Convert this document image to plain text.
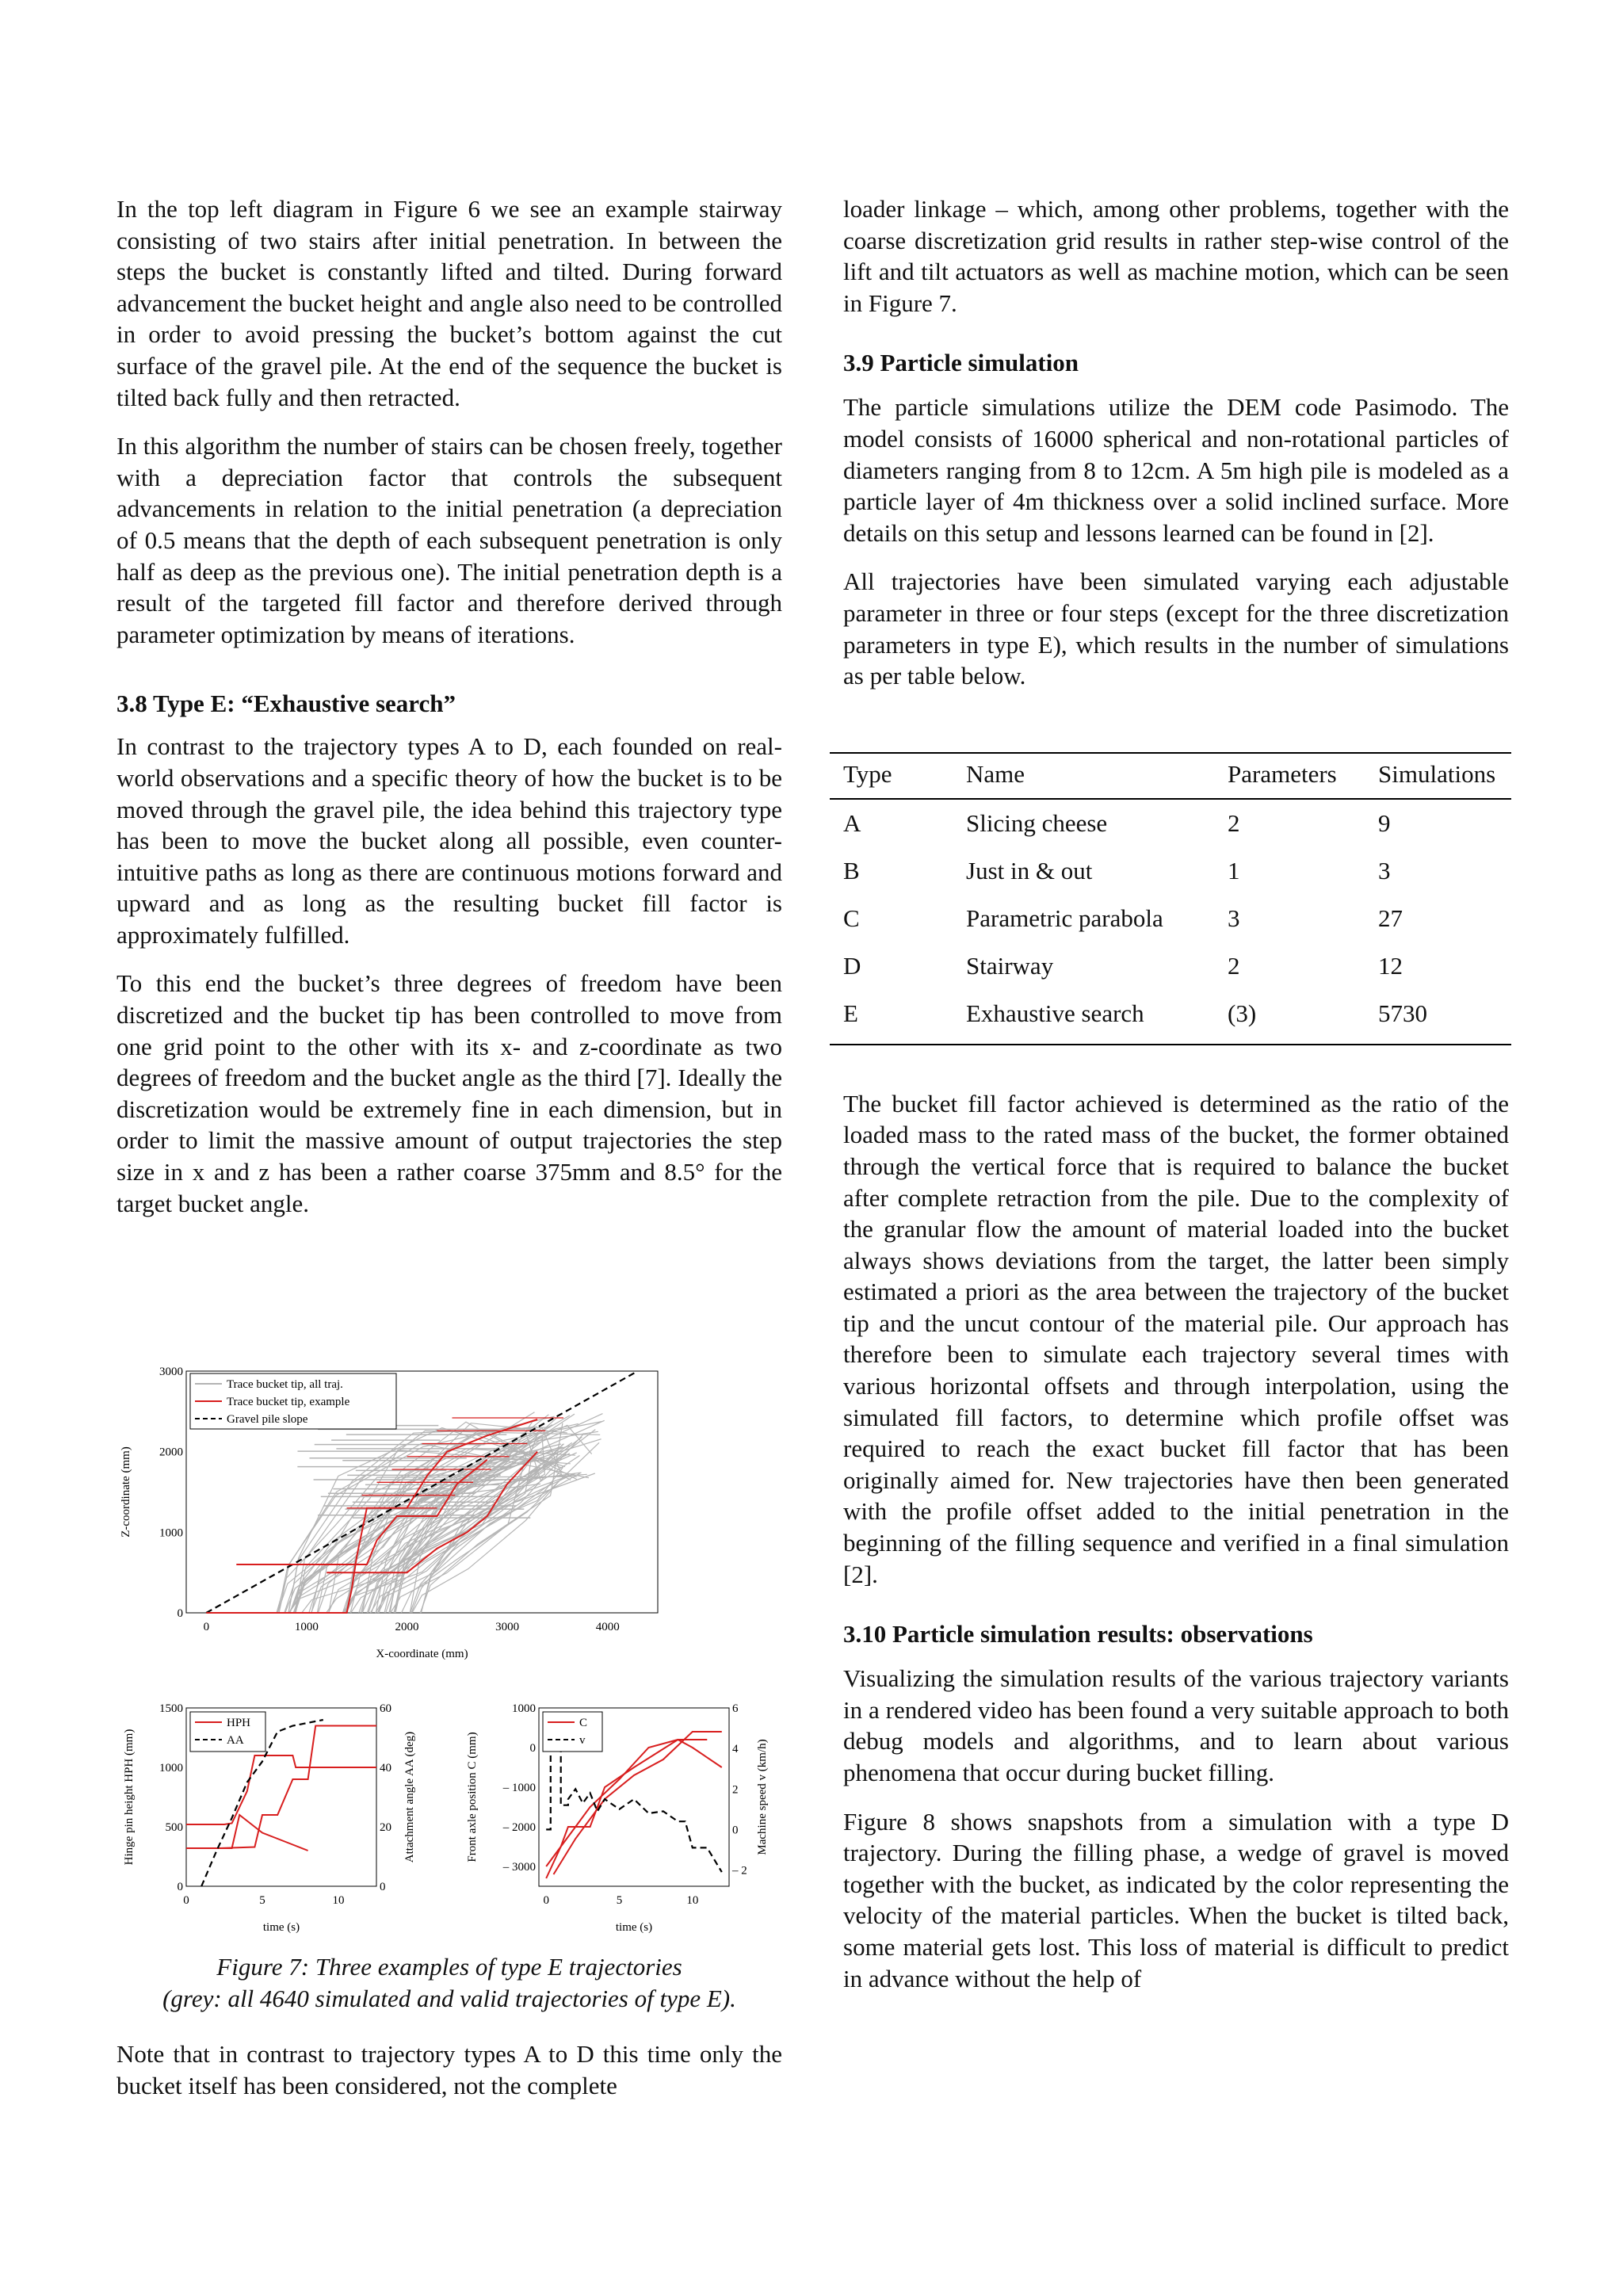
In the top left diagram in Figure 6 we see an example stairway consisting of two stairs after initial penetration. In between the steps the bucket is constantly lifted and tilted. During forward advancement the bucket height and angle also need to be controlled in order to avoid pressing the bucket’s bottom against the cut surface of the gravel pile. At the end of the sequence the bucket is tilted back fully and then retracted.

In this algorithm the number of stairs can be chosen freely, together with a depreciation factor that controls the subsequent advancements in relation to the initial penetration (a depreciation of 0.5 means that the depth of each subsequent penetration is only half as deep as the previous one). The initial penetration depth is a result of the targeted fill factor and therefore derived through parameter optimization by means of iterations.

3.8 Type E: “Exhaustive search”

In contrast to the trajectory types A to D, each founded on real-world observations and a specific theory of how the bucket is to be moved through the gravel pile, the idea behind this trajectory type has been to move the bucket along all possible, even counter-intuitive paths as long as there are continuous motions forward and upward and as long as the resulting bucket fill factor is approximately fulfilled.

To this end the bucket’s three degrees of freedom have been discretized and the bucket tip has been controlled to move from one grid point to the other with its x- and z-coordinate as two degrees of freedom and the bucket angle as the third [7]. Ideally the discretization would be extremely fine in each dimension, but in order to limit the massive amount of output trajectories the step size in x and z has been a rather coarse 375mm and 8.5° for the target bucket angle.

0	1000	2000	3000	4000
0
1000
2000
3000
X-coordinate (mm)
Z-coordinate (mm)
Trace bucket tip, all traj.
Trace bucket tip, example
Gravel pile slope
0	5	10
0
500
1000
1500
0
20
40
60
time (s)
Hinge pin height HPH (mm)	Attachment angle AA (deg)
HPH
AA
0	5	10
1000
0
– 1000
– 2000
– 3000
6
4
2
0
– 2
time (s)
Front axle position C (mm)	Machine speed v (km/h)
C
v
Figure 7: Three examples of type E trajectories
(grey: all 4640 simulated and valid trajectories of type E).

Note that in contrast to trajectory types A to D this time only the bucket itself has been considered, not the complete

loader linkage – which, among other problems, together with the coarse discretization grid results in rather step-wise control of the lift and tilt actuators as well as machine motion, which can be seen in Figure 7.

3.9 Particle simulation

The particle simulations utilize the DEM code Pasimodo. The model consists of 16000 spherical and non-rotational particles of diameters ranging from 8 to 12cm. A 5m high pile is modeled as a particle layer of 4m thickness over a solid inclined surface. More details on this setup and lessons learned can be found in [2].

All trajectories have been simulated varying each adjustable parameter in three or four steps (except for the three discretization parameters in type E), which results in the number of simulations as per table below.

Type	Name	Parameters	Simulations
A	Slicing cheese	2	9
B	Just in & out	1	3
C	Parametric parabola	3	27
D	Stairway	2	12
E	Exhaustive search	(3)	5730

The bucket fill factor achieved is determined as the ratio of the loaded mass to the rated mass of the bucket, the former obtained through the vertical force that is required to balance the bucket after complete retraction from the pile. Due to the complexity of the granular flow the amount of material loaded into the bucket always shows deviations from the target, the latter been simply estimated a priori as the area between the trajectory of the bucket tip and the uncut contour of the material pile. Our approach has therefore been to simulate each trajectory several times with various horizontal offsets and through interpolation, using the simulated fill factors, to determine which profile offset was required to reach the exact bucket fill factor that has been originally aimed for. New trajectories have then been generated with the profile offset added to the initial penetration in the beginning of the filling sequence and verified in a final simulation [2].

3.10 Particle simulation results: observations

Visualizing the simulation results of the various trajectory variants in a rendered video has been found a very suitable approach to both debug models and algorithms, and to learn about various phenomena that occur during bucket filling.

Figure 8 shows snapshots from a simulation with a type D trajectory. During the filling phase, a wedge of gravel is moved together with the bucket, as indicated by the color representing the velocity of the material particles. When the bucket is tilted back, some material gets lost. This loss of material is difficult to predict in advance without the help of
